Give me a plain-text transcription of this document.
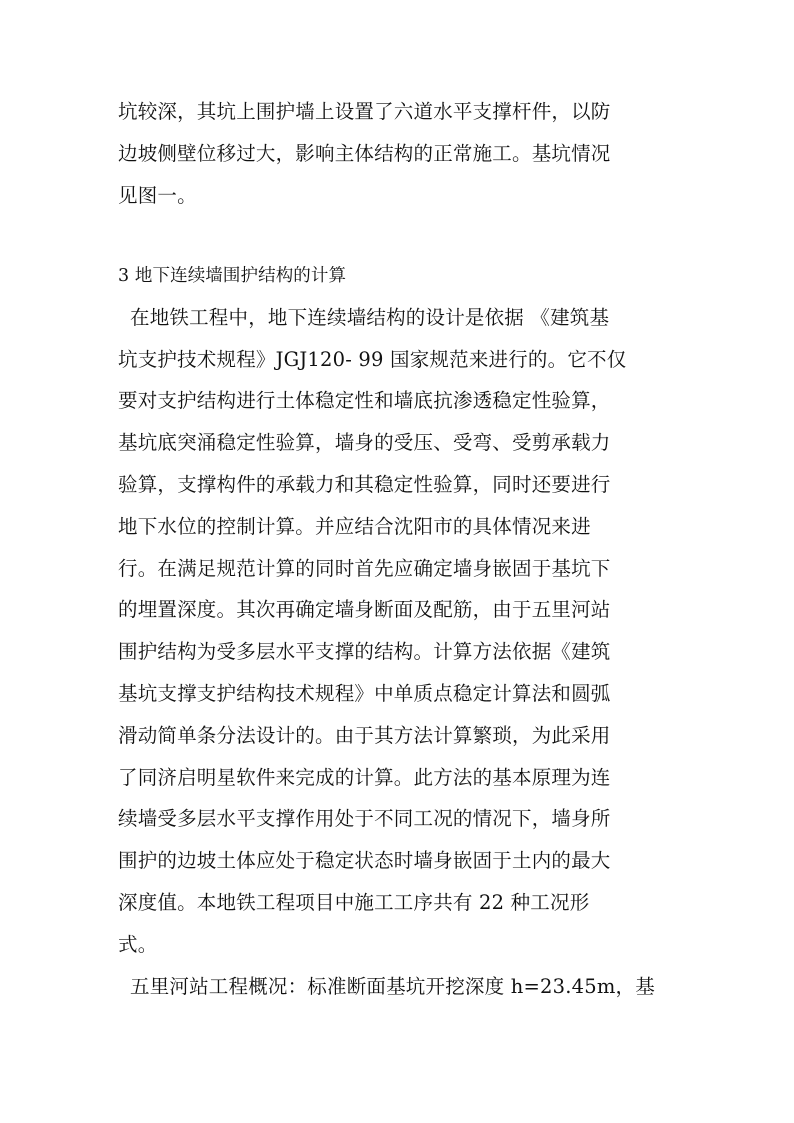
坑较深，其坑上围护墙上设置了六道水平支撑杆件，以防
边坡侧壁位移过大，影响主体结构的正常施工。基坑情况
见图一。
3 地下连续墙围护结构的计算
在地铁工程中，地下连续墙结构的设计是依据 《建筑基
坑支护技术规程》JGJ120- 99 国家规范来进行的。它不仅
要对支护结构进行土体稳定性和墙底抗渗透稳定性验算，
基坑底突涌稳定性验算，墙身的受压、受弯、受剪承载力
验算，支撑构件的承载力和其稳定性验算，同时还要进行
地下水位的控制计算。并应结合沈阳市的具体情况来进
行。在满足规范计算的同时首先应确定墙身嵌固于基坑下
的埋置深度。其次再确定墙身断面及配筋，由于五里河站
围护结构为受多层水平支撑的结构。计算方法依据《建筑
基坑支撑支护结构技术规程》中单质点稳定计算法和圆弧
滑动简单条分法设计的。由于其方法计算繁琐，为此采用
了同济启明星软件来完成的计算。此方法的基本原理为连
续墙受多层水平支撑作用处于不同工况的情况下，墙身所
围护的边坡土体应处于稳定状态时墙身嵌固于土内的最大
深度值。本地铁工程项目中施工工序共有 22 种工况形
式。
五里河站工程概况：标准断面基坑开挖深度 h=23.45m，基
